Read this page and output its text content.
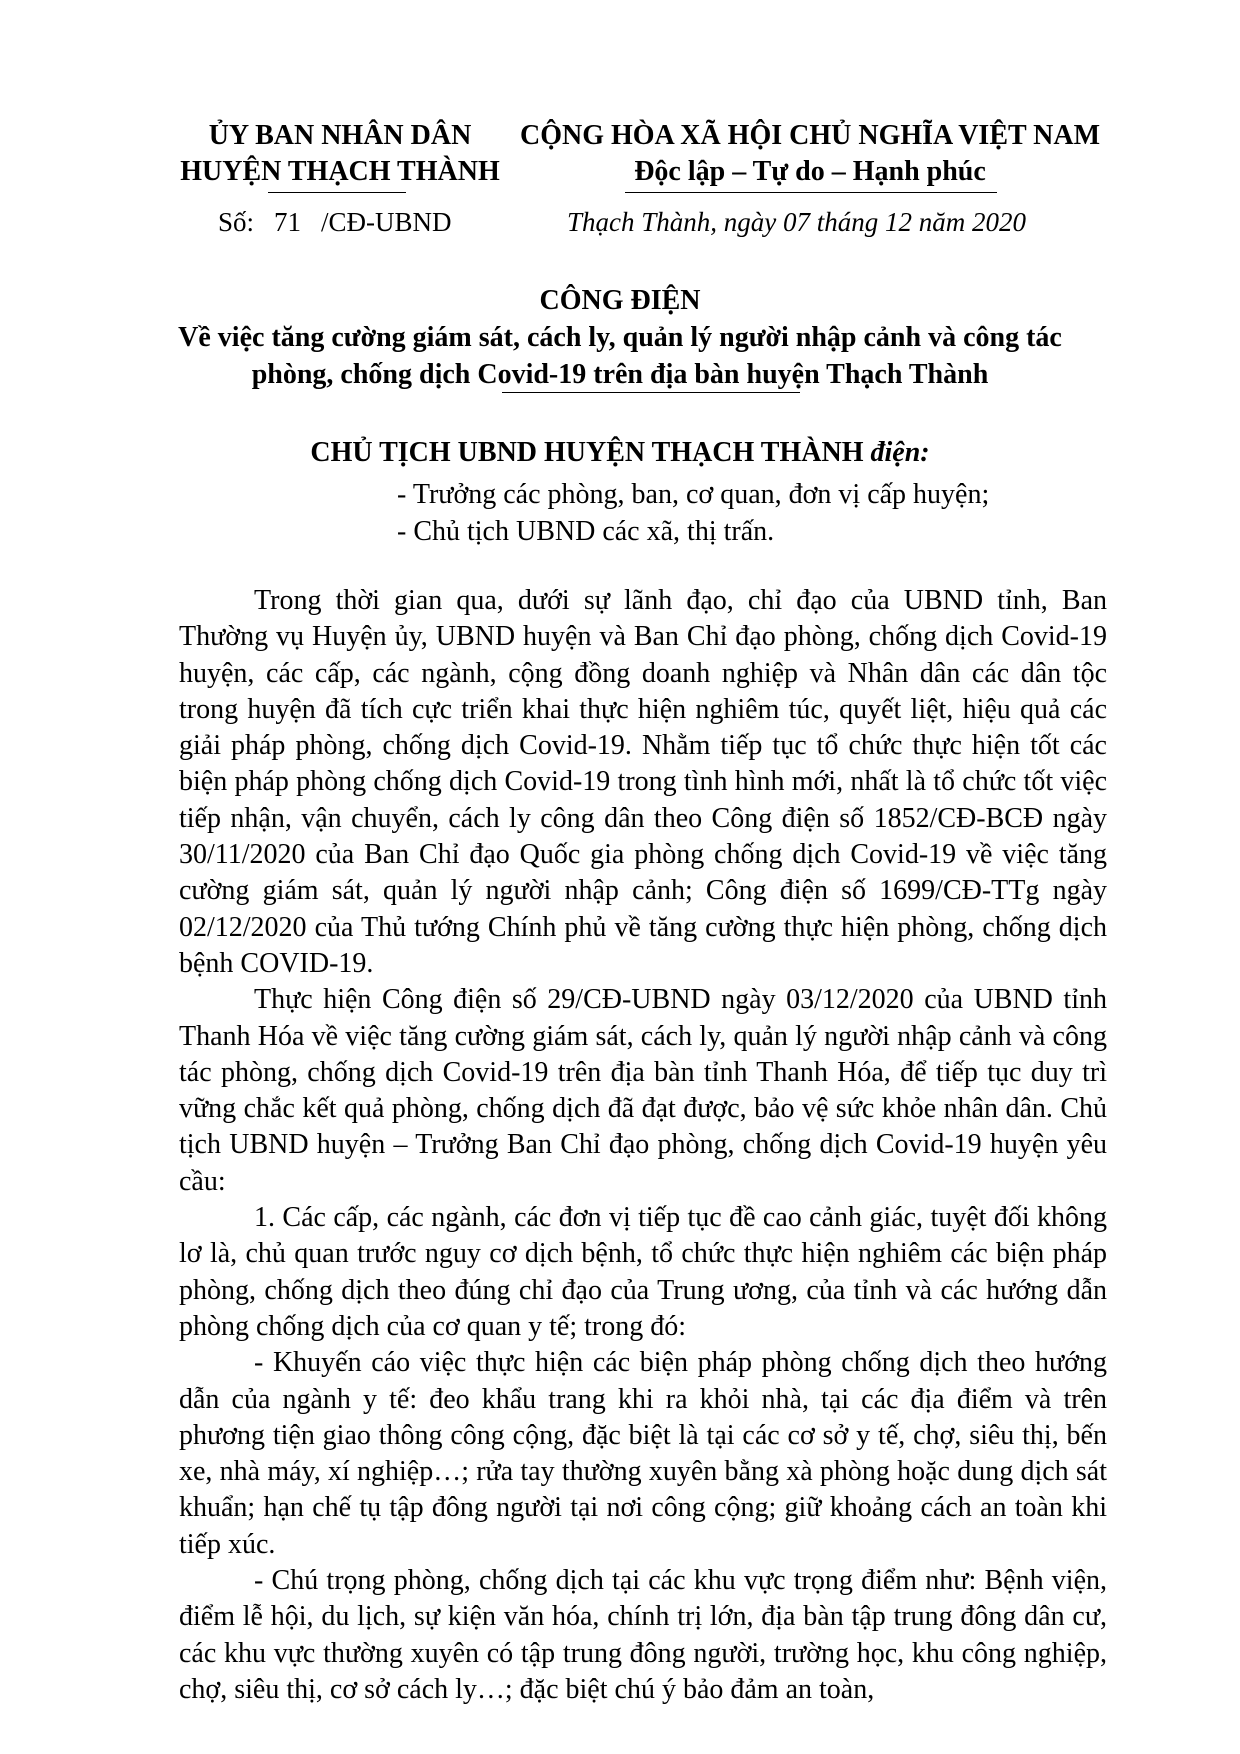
ỦY BAN NHÂN DÂN
HUYỆN THẠCH THÀNH
CỘNG HÒA XÃ HỘI CHỦ NGHĨA VIỆT NAM
Độc lập – Tự do – Hạnh phúc
Số: 71 /CĐ-UBND	Thạch Thành, ngày 07 tháng 12 năm 2020
CÔNG ĐIỆN
Về việc tăng cường giám sát, cách ly, quản lý người nhập cảnh và công tác
phòng, chống dịch Covid-19 trên địa bàn huyện Thạch Thành
CHỦ TỊCH UBND HUYỆN THẠCH THÀNH điện:
- Trưởng các phòng, ban, cơ quan, đơn vị cấp huyện;
- Chủ tịch UBND các xã, thị trấn.

Trong thời gian qua, dưới sự lãnh đạo, chỉ đạo của UBND tỉnh, Ban Thường vụ Huyện ủy, UBND huyện và Ban Chỉ đạo phòng, chống dịch Covid-19 huyện, các cấp, các ngành, cộng đồng doanh nghiệp và Nhân dân các dân tộc trong huyện đã tích cực triển khai thực hiện nghiêm túc, quyết liệt, hiệu quả các giải pháp phòng, chống dịch Covid-19. Nhằm tiếp tục tổ chức thực hiện tốt các biện pháp phòng chống dịch Covid-19 trong tình hình mới, nhất là tổ chức tốt việc tiếp nhận, vận chuyển, cách ly công dân theo Công điện số 1852/CĐ-BCĐ ngày 30/11/2020 của Ban Chỉ đạo Quốc gia phòng chống dịch Covid-19 về việc tăng cường giám sát, quản lý người nhập cảnh; Công điện số 1699/CĐ-TTg ngày 02/12/2020 của Thủ tướng Chính phủ về tăng cường thực hiện phòng, chống dịch bệnh COVID-19.

Thực hiện Công điện số 29/CĐ-UBND ngày 03/12/2020 của UBND tỉnh Thanh Hóa về việc tăng cường giám sát, cách ly, quản lý người nhập cảnh và công tác phòng, chống dịch Covid-19 trên địa bàn tỉnh Thanh Hóa, để tiếp tục duy trì vững chắc kết quả phòng, chống dịch đã đạt được, bảo vệ sức khỏe nhân dân. Chủ tịch UBND huyện – Trưởng Ban Chỉ đạo phòng, chống dịch Covid-19 huyện yêu cầu:

1. Các cấp, các ngành, các đơn vị tiếp tục đề cao cảnh giác, tuyệt đối không lơ là, chủ quan trước nguy cơ dịch bệnh, tổ chức thực hiện nghiêm các biện pháp phòng, chống dịch theo đúng chỉ đạo của Trung ương, của tỉnh và các hướng dẫn phòng chống dịch của cơ quan y tế; trong đó:

- Khuyến cáo việc thực hiện các biện pháp phòng chống dịch theo hướng dẫn của ngành y tế: đeo khẩu trang khi ra khỏi nhà, tại các địa điểm và trên phương tiện giao thông công cộng, đặc biệt là tại các cơ sở y tế, chợ, siêu thị, bến xe, nhà máy, xí nghiệp…; rửa tay thường xuyên bằng xà phòng hoặc dung dịch sát khuẩn; hạn chế tụ tập đông người tại nơi công cộng; giữ khoảng cách an toàn khi tiếp xúc.

- Chú trọng phòng, chống dịch tại các khu vực trọng điểm như: Bệnh viện, điểm lễ hội, du lịch, sự kiện văn hóa, chính trị lớn, địa bàn tập trung đông dân cư, các khu vực thường xuyên có tập trung đông người, trường học, khu công nghiệp, chợ, siêu thị, cơ sở cách ly…; đặc biệt chú ý bảo đảm an toàn,
